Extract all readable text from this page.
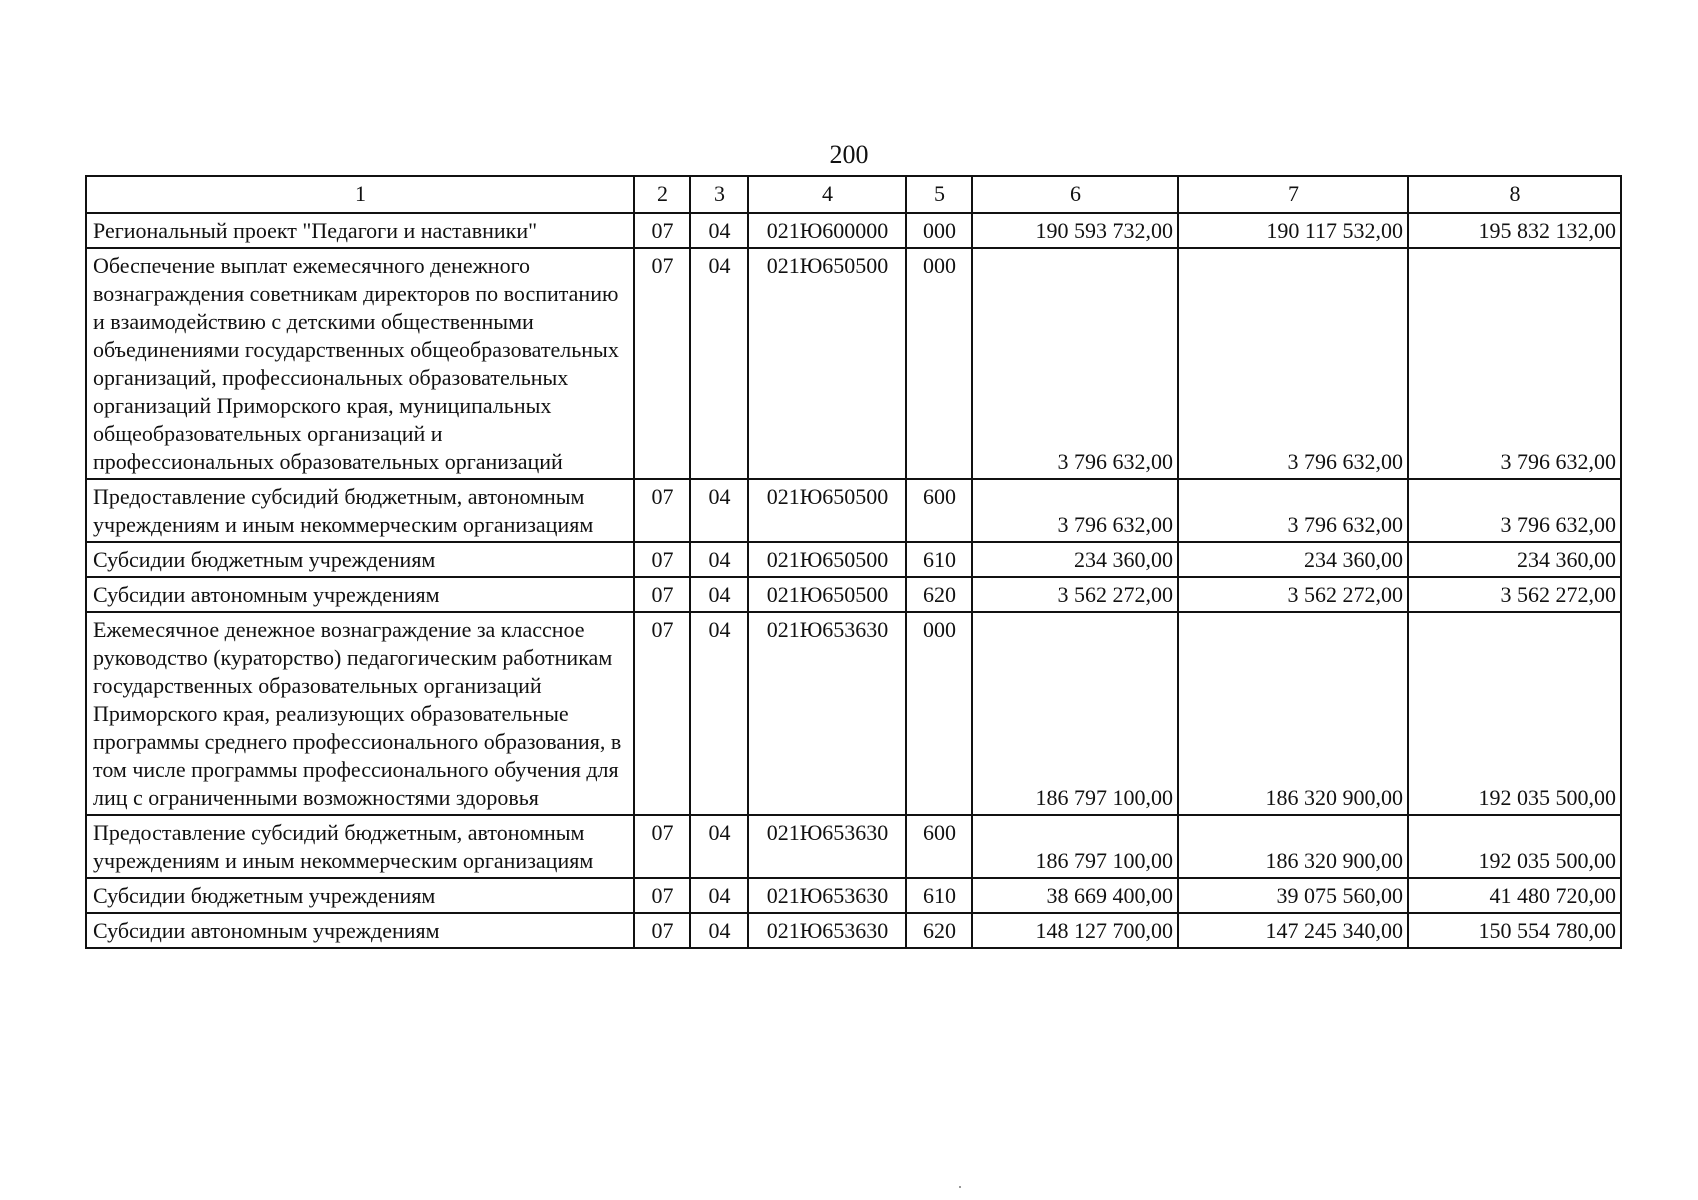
200
1	2	3	4	5	6	7	8
Региональный проект "Педагоги и наставники"	07	04	021Ю600000	000	190 593 732,00	190 117 532,00	195 832 132,00
Обеспечение выплат ежемесячного денежного вознаграждения советникам директоров по воспитанию и взаимодействию с детскими общественными объединениями государственных общеобразовательных организаций, профессиональных образовательных организаций Приморского края, муниципальных общеобразовательных организаций и профессиональных образовательных организаций	07	04	021Ю650500	000	3 796 632,00	3 796 632,00	3 796 632,00
Предоставление субсидий бюджетным, автономным учреждениям и иным некоммерческим организациям	07	04	021Ю650500	600	3 796 632,00	3 796 632,00	3 796 632,00
Субсидии бюджетным учреждениям	07	04	021Ю650500	610	234 360,00	234 360,00	234 360,00
Субсидии автономным учреждениям	07	04	021Ю650500	620	3 562 272,00	3 562 272,00	3 562 272,00
Ежемесячное денежное вознаграждение за классное руководство (кураторство) педагогическим работникам государственных образовательных организаций Приморского края, реализующих образовательные программы среднего профессионального образования, в том числе программы профессионального обучения для лиц с ограниченными возможностями здоровья	07	04	021Ю653630	000	186 797 100,00	186 320 900,00	192 035 500,00
Предоставление субсидий бюджетным, автономным учреждениям и иным некоммерческим организациям	07	04	021Ю653630	600	186 797 100,00	186 320 900,00	192 035 500,00
Субсидии бюджетным учреждениям	07	04	021Ю653630	610	38 669 400,00	39 075 560,00	41 480 720,00
Субсидии автономным учреждениям	07	04	021Ю653630	620	148 127 700,00	147 245 340,00	150 554 780,00
